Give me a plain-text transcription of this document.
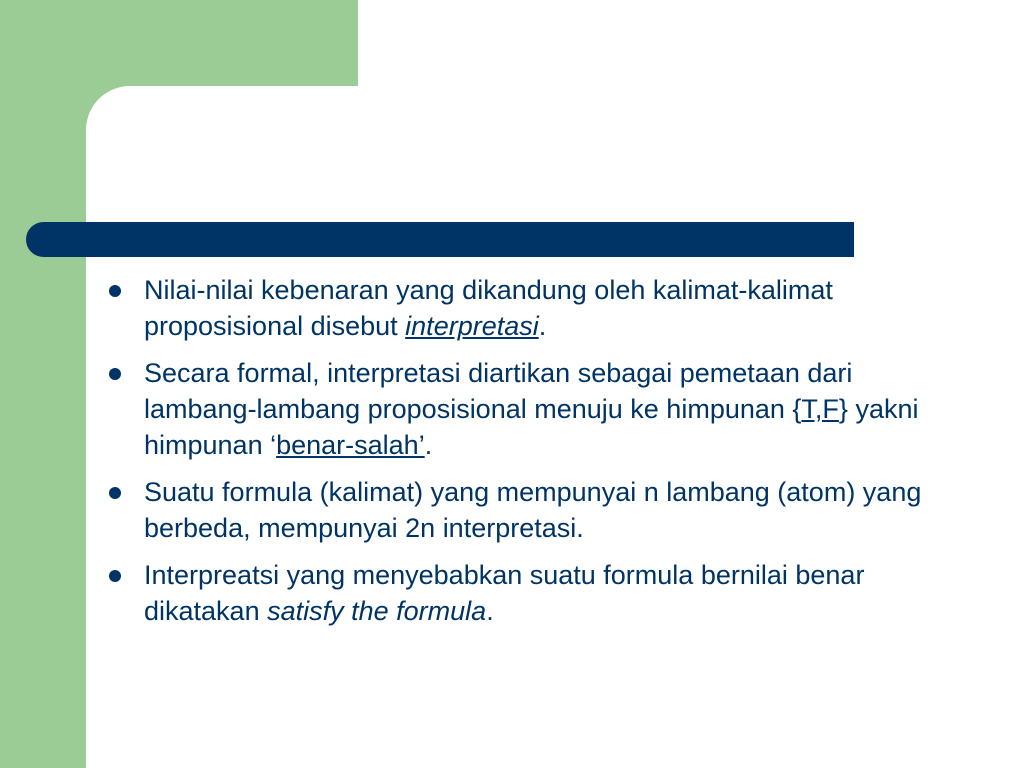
Nilai-nilai kebenaran yang dikandung oleh kalimat-kalimat proposisional disebut interpretasi.
Secara formal, interpretasi diartikan sebagai pemetaan dari lambang-lambang proposisional menuju ke himpunan {T,F} yakni himpunan ‘benar-salah’.
Suatu formula (kalimat) yang mempunyai n lambang (atom) yang berbeda, mempunyai 2n interpretasi.
Interpreatsi yang menyebabkan suatu formula bernilai benar dikatakan satisfy the formula.
